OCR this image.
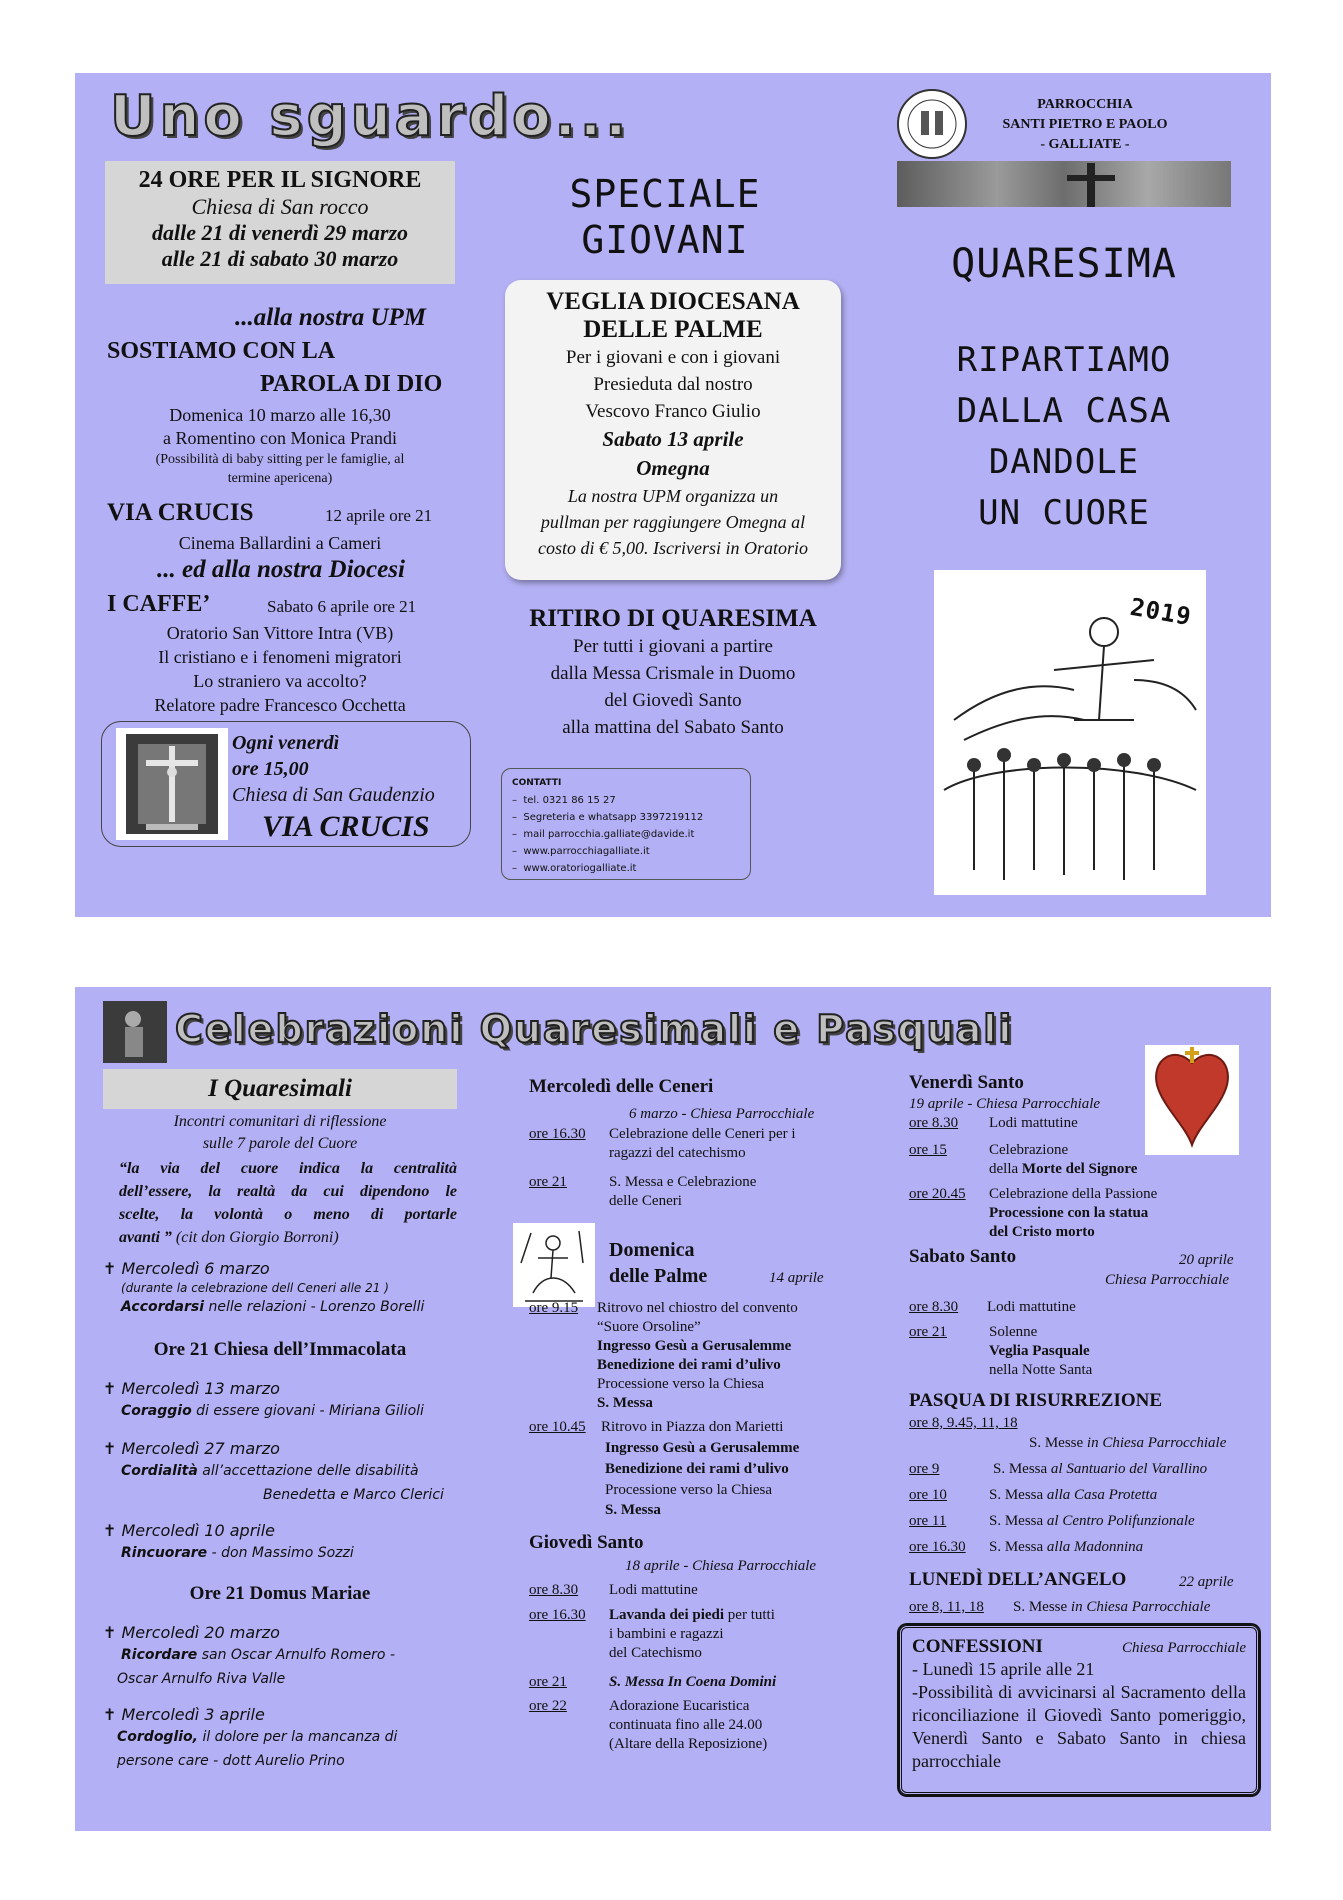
Uno sguardo...
24 ORE PER IL SIGNORE
Chiesa di San rocco
dalle 21 di venerdì 29 marzo
alle 21 di sabato 30 marzo
...alla nostra UPM
SOSTIAMO CON LA
PAROLA DI DIO
Domenica 10 marzo alle 16,30
a Romentino con Monica Prandi
(Possibilità di baby sitting per le famiglie, al
termine apericena)
VIA CRUCIS	12 aprile ore 21
Cinema Ballardini a Cameri
... ed alla nostra Diocesi
I CAFFE’	Sabato 6 aprile ore 21
Oratorio San Vittore Intra (VB)
Il cristiano e i fenomeni migratori
Lo straniero va accolto?
Relatore padre Francesco Occhetta
Ogni venerdì
ore 15,00
Chiesa di San Gaudenzio
VIA CRUCIS
SPECIALE
GIOVANI
VEGLIA DIOCESANA
DELLE PALME
Per i giovani e con i giovani
Presieduta dal nostro
Vescovo Franco Giulio
Sabato 13 aprile
Omegna
La nostra UPM organizza un
pullman per raggiungere Omegna al
costo di € 5,00. Iscriversi in Oratorio
RITIRO DI QUARESIMA
Per tutti i giovani a partire
dalla Messa Crismale in Duomo
del Giovedì Santo
alla mattina del Sabato Santo
CONTATTI
–  tel. 0321 86 15 27
–  Segreteria e whatsapp 3397219112
–  mail parrocchia.galliate@davide.it
–  www.parrocchiagalliate.it
–  www.oratoriogalliate.it
PARROCCHIA
SANTI PIETRO E PAOLO
- GALLIATE -
QUARESIMA
RIPARTIAMO
DALLA CASA
DANDOLE
UN CUORE
2019
Celebrazioni Quaresimali e Pasquali
I Quaresimali
Incontri comunitari di riflessione
sulle 7 parole del Cuore
“la via del cuore indica la centralità
dell’essere, la realtà da cui dipendono le
scelte, la volontà o meno di portarle
avanti ” (cit don Giorgio Borroni)
✝ Mercoledì 6 marzo
(durante la celebrazione dell Ceneri alle 21 )
Accordarsi nelle relazioni - Lorenzo Borelli
Ore 21 Chiesa dell’Immacolata
✝ Mercoledì 13 marzo
Coraggio di essere giovani - Miriana Gilioli
✝ Mercoledì 27 marzo
Cordialità all’accettazione delle disabilità
Benedetta e Marco Clerici
✝ Mercoledì 10 aprile
Rincuorare - don Massimo Sozzi
Ore 21 Domus Mariae
✝ Mercoledì 20 marzo
Ricordare san Oscar Arnulfo Romero -
Oscar Arnulfo Riva Valle
✝ Mercoledì 3 aprile
Cordoglio, il dolore per la mancanza di
persone care - dott Aurelio Prino
Mercoledì delle Ceneri
6 marzo - Chiesa Parrocchiale
ore 16.30 Celebrazione delle Ceneri per i
ragazzi del catechismo
ore 21	S. Messa e Celebrazione
delle Ceneri
Domenica
delle Palme	14 aprile
ore 9.15 Ritrovo nel chiostro del convento
“Suore Orsoline”
Ingresso Gesù a Gerusalemme
Benedizione dei rami d’ulivo
Processione verso la Chiesa
S. Messa
ore 10.45 Ritrovo in Piazza don Marietti
Ingresso Gesù a Gerusalemme
Benedizione dei rami d’ulivo
Processione verso la Chiesa
S. Messa
Giovedì Santo
18 aprile - Chiesa Parrocchiale
ore 8.30 Lodi mattutine
ore 16.30 Lavanda dei piedi per tutti
i bambini e ragazzi
del Catechismo
ore 21	S. Messa In Coena Domini
ore 22	Adorazione Eucaristica
continuata fino alle 24.00
(Altare della Reposizione)
Venerdì Santo
19 aprile - Chiesa Parrocchiale
ore 8.30 Lodi mattutine
ore 15	Celebrazione
della Morte del Signore
ore 20.45 Celebrazione della Passione
Processione con la statua
del Cristo morto
Sabato Santo	20 aprile
Chiesa Parrocchiale
ore 8.30 Lodi mattutine
ore 21	Solenne
Veglia Pasquale
nella Notte Santa
PASQUA DI RISURREZIONE
ore 8, 9.45, 11, 18
S. Messe in Chiesa Parrocchiale
ore 9	S. Messa al Santuario del Varallino
ore 10	S. Messa alla Casa Protetta
ore 11	S. Messa al Centro Polifunzionale
ore 16.30 S. Messa alla Madonnina
LUNEDÌ DELL’ANGELO	22 aprile
ore 8, 11, 18 S. Messe in Chiesa Parrocchiale
CONFESSIONI	Chiesa Parrocchiale
- Lunedì 15 aprile alle 21
-Possibilità di avvicinarsi al Sacramento della riconciliazione il Giovedì Santo pomeriggio, Venerdì Santo e Sabato Santo in chiesa parrocchiale
